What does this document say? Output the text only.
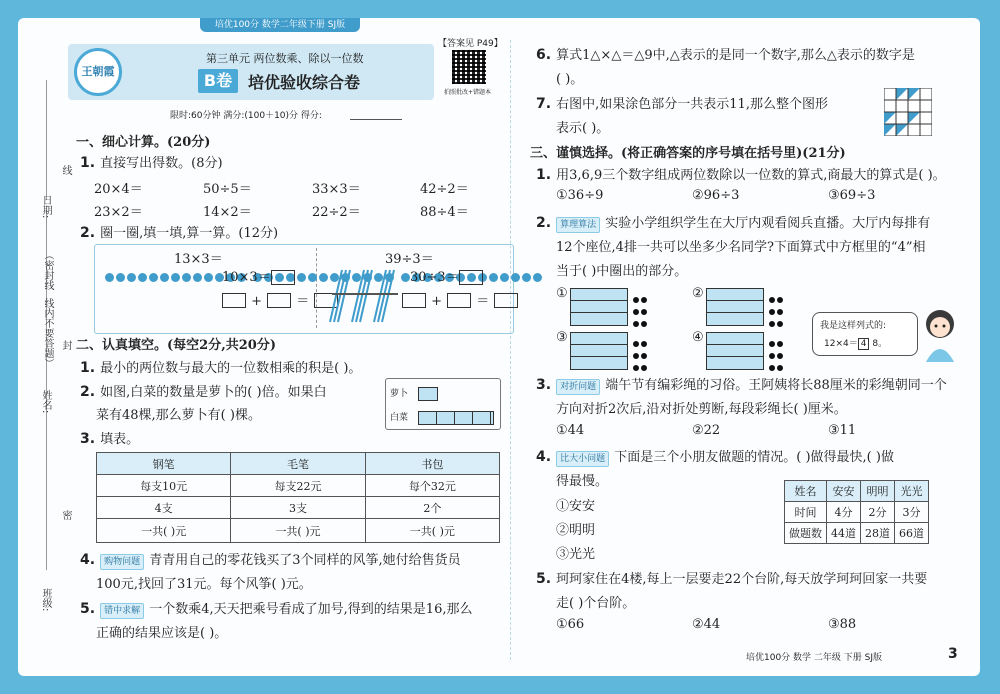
培优100分 数学二年级下册 SJ版
日期:
线
（密封线
线内不要答题） 封
姓名:
密
班级:
王朝霞
第三单元 两位数乘、除以一位数
B卷 培优验收综合卷
【答案见 P49】
拍照批改+错题本
限时:60分钟 满分:(100＋10)分 得分:
一、细心计算。(20分)
1. 直接写出得数。(8分)
20×4＝	50÷5＝	33×3＝	42÷2＝
23×2＝	14×2＝	22÷2＝	88÷4＝
2. 圈一圈,填一填,算一算。(12分)
13×3＝

10×3＝
+	＝
39÷3＝
30÷3＝
+	＝
二、认真填空。(每空2分,共20分)
1. 最小的两位数与最大的一位数相乘的积是( )。
2. 如图,白菜的数量是萝卜的( )倍。如果白
菜有48棵,那么萝卜有( )棵。
萝卜
白菜
3. 填表。
钢笔	毛笔	书包
每支10元	每支22元	每个32元
4支	3支	2个
一共( )元	一共( )元	一共( )元
4. 购物问题 青青用自己的零花钱买了3个同样的风筝,她付给售货员
100元,找回了31元。每个风筝( )元。
5. 错中求解 一个数乘4,天天把乘号看成了加号,得到的结果是16,那么
正确的结果应该是( )。
6. 算式1△×△＝△9中,△表示的是同一个数字,那么△表示的数字是
( )。
7. 右图中,如果涂色部分一共表示11,那么整个图形
表示( )。
三、谨慎选择。(将正确答案的序号填在括号里)(21分)
1. 用3,6,9三个数字组成两位数除以一位数的算式,商最大的算式是( )。
①36÷9	②96÷3	③69÷3
2. 算理算法 实验小学组织学生在大厅内观看阅兵直播。大厅内每排有
12个座位,4排一共可以坐多少名同学?下面算式中方框里的“4”相
当于( )中圈出的部分。
①	②
③	④
我是这样列式的:
12×4＝ 4 8。
3. 对折问题 端午节有编彩绳的习俗。王阿姨将长88厘米的彩绳朝同一个
方向对折2次后,沿对折处剪断,每段彩绳长( )厘米。
①44	②22	③11
4. 比大小问题 下面是三个小朋友做题的情况。( )做得最快,( )做
得最慢。
①安安
②明明
③光光
姓名	安安	明明	光光
时间	4分	2分	3分
做题数	44道	28道	66道
5. 珂珂家住在4楼,每上一层要走22个台阶,每天放学珂珂回家一共要
走( )个台阶。
①66	②44	③88
培优100分 数学 二年级 下册 SJ版	3
